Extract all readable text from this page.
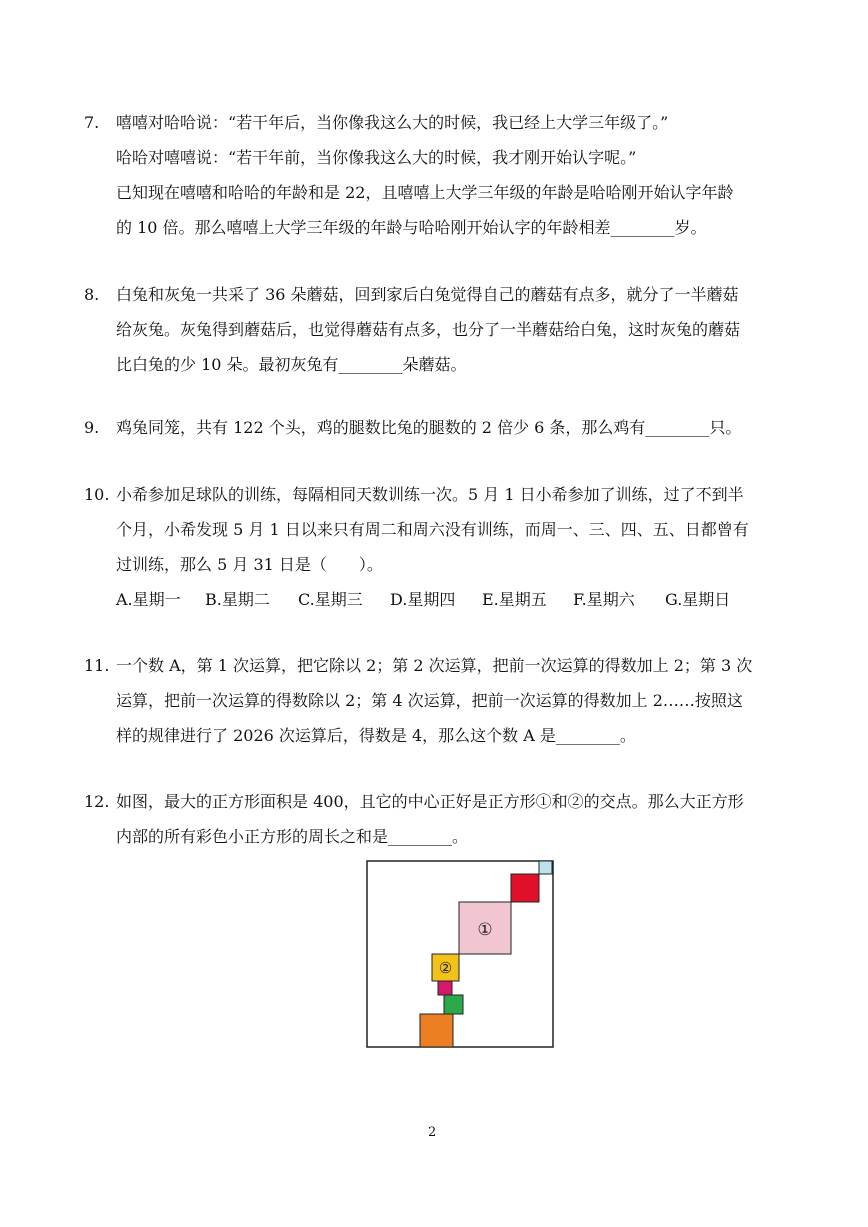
7. 嘻嘻对哈哈说：“若干年后，当你像我这么大的时候，我已经上大学三年级了。”
哈哈对嘻嘻说：“若干年前，当你像我这么大的时候，我才刚开始认字呢。”
已知现在嘻嘻和哈哈的年龄和是 22，且嘻嘻上大学三年级的年龄是哈哈刚开始认字年龄
的 10 倍。那么嘻嘻上大学三年级的年龄与哈哈刚开始认字的年龄相差________岁。
8. 白兔和灰兔一共采了 36 朵蘑菇，回到家后白兔觉得自己的蘑菇有点多，就分了一半蘑菇
给灰兔。灰兔得到蘑菇后，也觉得蘑菇有点多，也分了一半蘑菇给白兔，这时灰兔的蘑菇
比白兔的少 10 朵。最初灰兔有________朵蘑菇。
9. 鸡兔同笼，共有 122 个头，鸡的腿数比兔的腿数的 2 倍少 6 条，那么鸡有________只。
10. 小希参加足球队的训练，每隔相同天数训练一次。5 月 1 日小希参加了训练，过了不到半
个月，小希发现 5 月 1 日以来只有周二和周六没有训练，而周一、三、四、五、日都曾有
过训练，那么 5 月 31 日是（　　）。
A.星期一 B.星期二 C.星期三 D.星期四 E.星期五 F.星期六 G.星期日
11. 一个数 A，第 1 次运算，把它除以 2；第 2 次运算，把前一次运算的得数加上 2；第 3 次
运算，把前一次运算的得数除以 2；第 4 次运算，把前一次运算的得数加上 2……按照这
样的规律进行了 2026 次运算后，得数是 4，那么这个数 A 是________。
12. 如图，最大的正方形面积是 400，且它的中心正好是正方形①和②的交点。那么大正方形
内部的所有彩色小正方形的周长之和是________。
①
②
2
